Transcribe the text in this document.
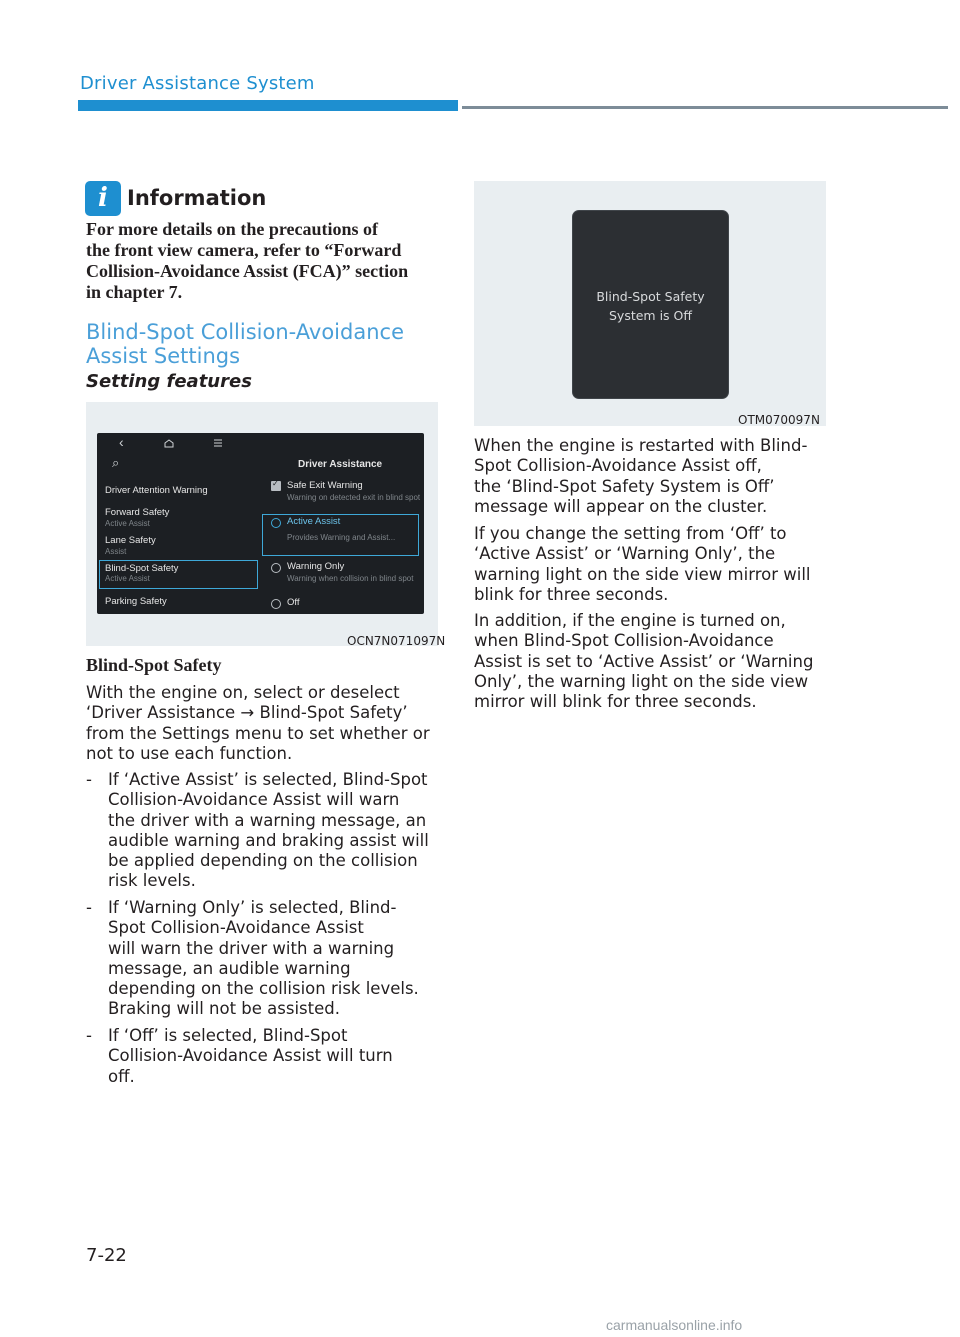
Driver Assistance System
i Information
For more details on the precautions of
the front view camera, refer to “Forward
Collision-Avoidance Assist (FCA)” section
in chapter 7.
Blind-Spot Collision-Avoidance
Assist Settings
Setting features
‹
⌕	Driver Assistance
Driver Attention Warning
Forward Safety
Active Assist
Lane Safety
Assist
Blind-Spot Safety
Active Assist
Parking Safety
✓ Safe Exit Warning
Warning on detected exit in blind spot
Active Assist
Provides Warning and Assist...
Warning Only
Warning when collision in blind spot
Off
OCN7N071097N
Blind-Spot Safety
With the engine on, select or deselect
‘Driver Assistance → Blind-Spot Safety’
from the Settings menu to set whether or
not to use each function.
- If ‘Active Assist’ is selected, Blind-Spot
Collision-Avoidance Assist will warn
the driver with a warning message, an
audible warning and braking assist will
be applied depending on the collision
risk levels.
- If ‘Warning Only’ is selected, Blind-
Spot Collision-Avoidance Assist
will warn the driver with a warning
message, an audible warning
depending on the collision risk levels.
Braking will not be assisted.
- If ‘Off’ is selected, Blind-Spot
Collision-Avoidance Assist will turn
off.
Blind-Spot Safety
System is Off
OTM070097N
When the engine is restarted with Blind-
Spot Collision-Avoidance Assist off,
the ‘Blind-Spot Safety System is Off’
message will appear on the cluster.
If you change the setting from ‘Off’ to
‘Active Assist’ or ‘Warning Only’, the
warning light on the side view mirror will
blink for three seconds.
In addition, if the engine is turned on,
when Blind-Spot Collision-Avoidance
Assist is set to ‘Active Assist’ or ‘Warning
Only’, the warning light on the side view
mirror will blink for three seconds.
7-22
carmanualsonline.info
